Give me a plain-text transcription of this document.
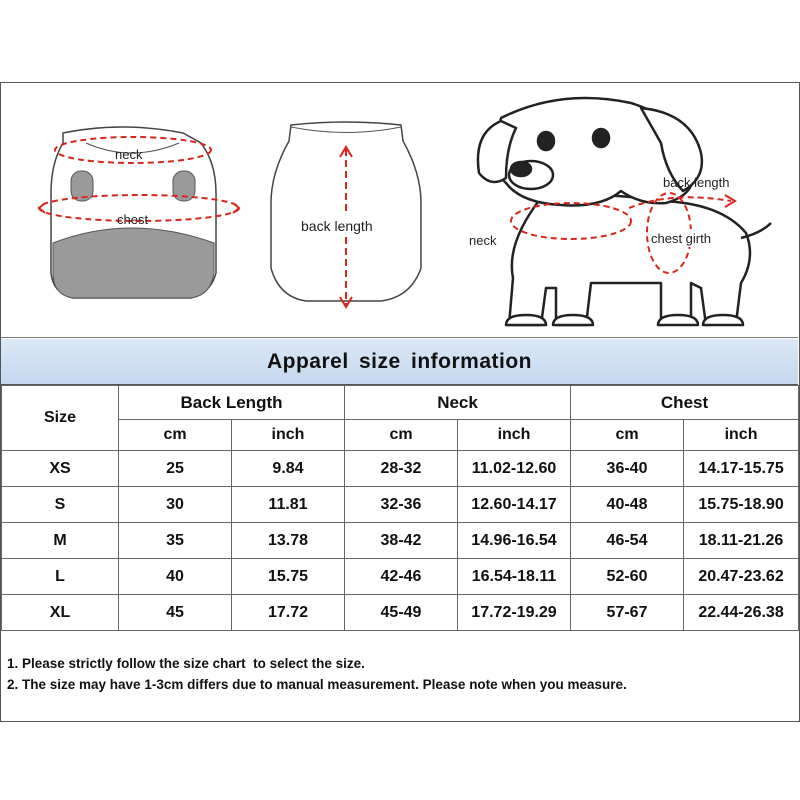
neck
chest	back length
back length
neck	chest girth
Apparel size information
Size	Back Length		Neck		Chest	
	cm	inch	cm	inch	cm	inch
XS	25	9.84	28-32	11.02-12.60	36-40	14.17-15.75
S	30	11.81	32-36	12.60-14.17	40-48	15.75-18.90
M	35	13.78	38-42	14.96-16.54	46-54	18.11-21.26
L	40	15.75	42-46	16.54-18.11	52-60	20.47-23.62
XL	45	17.72	45-49	17.72-19.29	57-67	22.44-26.38
1. Please strictly follow the size chart  to select the size.
2. The size may have 1-3cm differs due to manual measurement. Please note when you measure.
